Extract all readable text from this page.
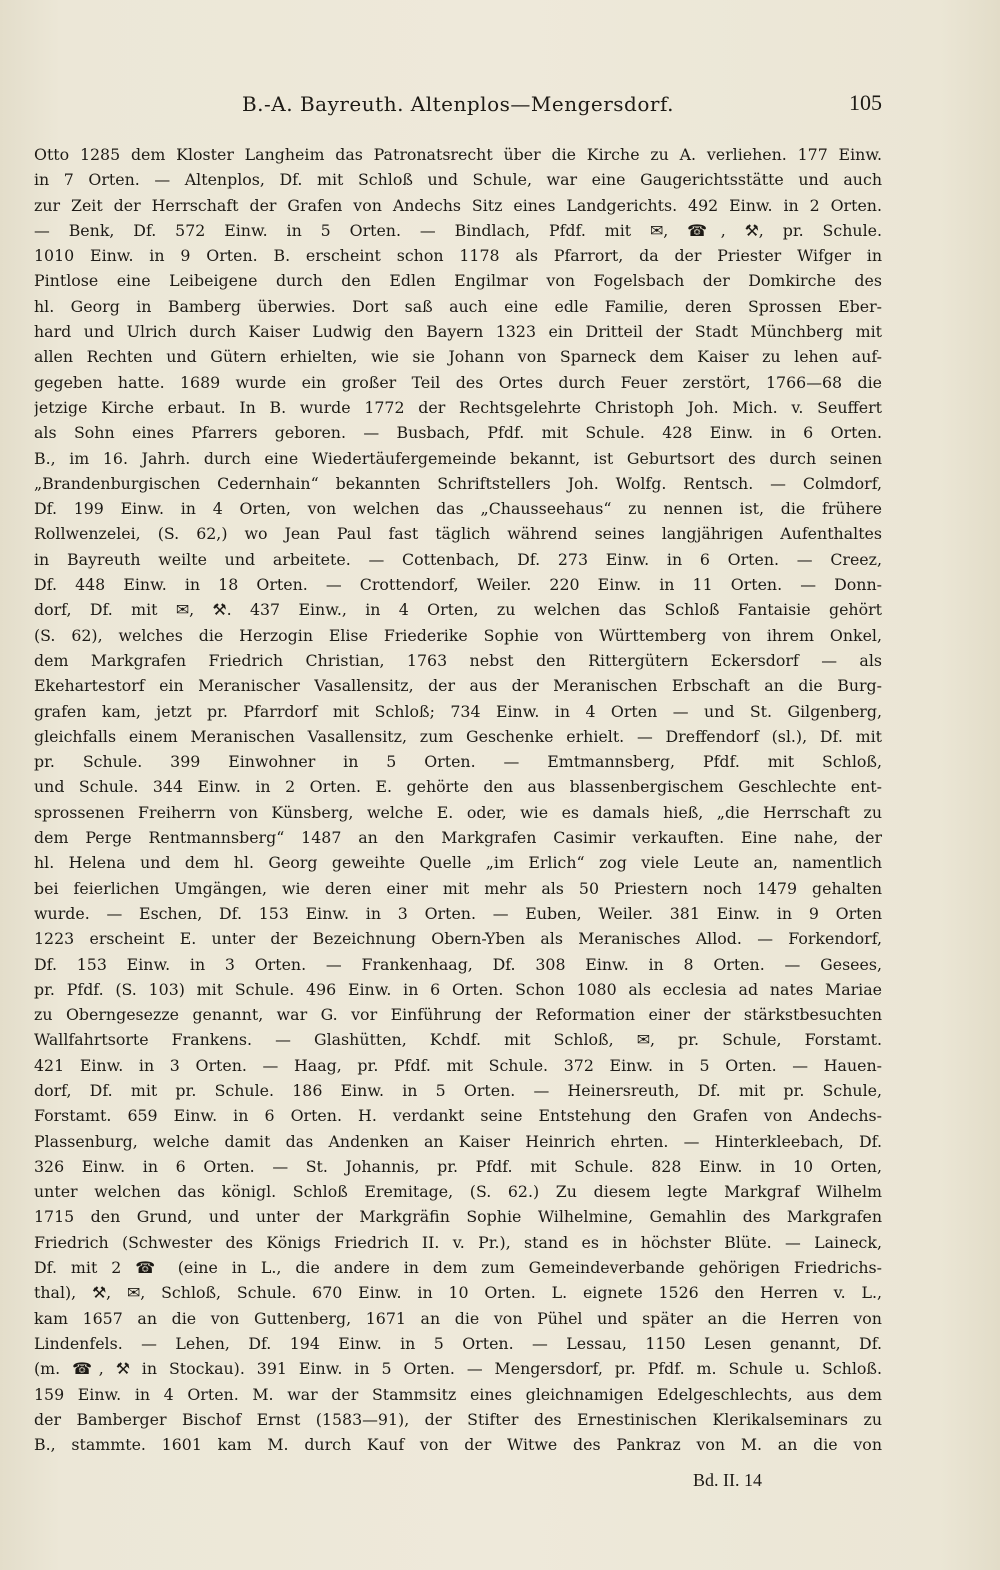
B.-A. Bayreuth. Altenplos—Mengersdorf.	105
Otto 1285 dem Kloster Langheim das Patronatsrecht über die Kirche zu A. verliehen. 177 Einw.
in 7 Orten. — Altenplos, Df. mit Schloß und Schule, war eine Gaugerichtsstätte und auch
zur Zeit der Herrschaft der Grafen von Andechs Sitz eines Landgerichts. 492 Einw. in 2 Orten.
— Benk, Df. 572 Einw. in 5 Orten. — Bindlach, Pfdf. mit ✉, ☎, ⚒, pr. Schule.
1010 Einw. in 9 Orten. B. erscheint schon 1178 als Pfarrort, da der Priester Wifger in
Pintlose eine Leibeigene durch den Edlen Engilmar von Fogelsbach der Domkirche des
hl. Georg in Bamberg überwies. Dort saß auch eine edle Familie, deren Sprossen Eber-
hard und Ulrich durch Kaiser Ludwig den Bayern 1323 ein Dritteil der Stadt Münchberg mit
allen Rechten und Gütern erhielten, wie sie Johann von Sparneck dem Kaiser zu lehen auf-
gegeben hatte. 1689 wurde ein großer Teil des Ortes durch Feuer zerstört, 1766—68 die
jetzige Kirche erbaut. In B. wurde 1772 der Rechtsgelehrte Christoph Joh. Mich. v. Seuffert
als Sohn eines Pfarrers geboren. — Busbach, Pfdf. mit Schule. 428 Einw. in 6 Orten.
B., im 16. Jahrh. durch eine Wiedertäufergemeinde bekannt, ist Geburtsort des durch seinen
„Brandenburgischen Cedernhain“ bekannten Schriftstellers Joh. Wolfg. Rentsch. — Colmdorf,
Df. 199 Einw. in 4 Orten, von welchen das „Chausseehaus“ zu nennen ist, die frühere
Rollwenzelei, (S. 62,) wo Jean Paul fast täglich während seines langjährigen Aufenthaltes
in Bayreuth weilte und arbeitete. — Cottenbach, Df. 273 Einw. in 6 Orten. — Creez,
Df. 448 Einw. in 18 Orten. — Crottendorf, Weiler. 220 Einw. in 11 Orten. — Donn-
dorf, Df. mit ✉, ⚒. 437 Einw., in 4 Orten, zu welchen das Schloß Fantaisie gehört
(S. 62), welches die Herzogin Elise Friederike Sophie von Württemberg von ihrem Onkel,
dem Markgrafen Friedrich Christian, 1763 nebst den Rittergütern Eckersdorf — als
Ekehartestorf ein Meranischer Vasallensitz, der aus der Meranischen Erbschaft an die Burg-
grafen kam, jetzt pr. Pfarrdorf mit Schloß; 734 Einw. in 4 Orten — und St. Gilgenberg,
gleichfalls einem Meranischen Vasallensitz, zum Geschenke erhielt. — Dreffendorf (sl.), Df. mit
pr. Schule. 399 Einwohner in 5 Orten. — Emtmannsberg, Pfdf. mit Schloß,
und Schule. 344 Einw. in 2 Orten. E. gehörte den aus blassenbergischem Geschlechte ent-
sprossenen Freiherrn von Künsberg, welche E. oder, wie es damals hieß, „die Herrschaft zu
dem Perge Rentmannsberg“ 1487 an den Markgrafen Casimir verkauften. Eine nahe, der
hl. Helena und dem hl. Georg geweihte Quelle „im Erlich“ zog viele Leute an, namentlich
bei feierlichen Umgängen, wie deren einer mit mehr als 50 Priestern noch 1479 gehalten
wurde. — Eschen, Df. 153 Einw. in 3 Orten. — Euben, Weiler. 381 Einw. in 9 Orten
1223 erscheint E. unter der Bezeichnung Obern-Yben als Meranisches Allod. — Forkendorf,
Df. 153 Einw. in 3 Orten. — Frankenhaag, Df. 308 Einw. in 8 Orten. — Gesees,
pr. Pfdf. (S. 103) mit Schule. 496 Einw. in 6 Orten. Schon 1080 als ecclesia ad nates Mariae
zu Oberngesezze genannt, war G. vor Einführung der Reformation einer der stärkstbesuchten
Wallfahrtsorte Frankens. — Glashütten, Kchdf. mit Schloß, ✉, pr. Schule, Forstamt.
421 Einw. in 3 Orten. — Haag, pr. Pfdf. mit Schule. 372 Einw. in 5 Orten. — Hauen-
dorf, Df. mit pr. Schule. 186 Einw. in 5 Orten. — Heinersreuth, Df. mit pr. Schule,
Forstamt. 659 Einw. in 6 Orten. H. verdankt seine Entstehung den Grafen von Andechs-
Plassenburg, welche damit das Andenken an Kaiser Heinrich ehrten. — Hinterkleebach, Df.
326 Einw. in 6 Orten. — St. Johannis, pr. Pfdf. mit Schule. 828 Einw. in 10 Orten,
unter welchen das königl. Schloß Eremitage, (S. 62.) Zu diesem legte Markgraf Wilhelm
1715 den Grund, und unter der Markgräfin Sophie Wilhelmine, Gemahlin des Markgrafen
Friedrich (Schwester des Königs Friedrich II. v. Pr.), stand es in höchster Blüte. — Laineck,
Df. mit 2 ☎ (eine in L., die andere in dem zum Gemeindeverbande gehörigen Friedrichs-
thal), ⚒, ✉, Schloß, Schule. 670 Einw. in 10 Orten. L. eignete 1526 den Herren v. L.,
kam 1657 an die von Guttenberg, 1671 an die von Pühel und später an die Herren von
Lindenfels. — Lehen, Df. 194 Einw. in 5 Orten. — Lessau, 1150 Lesen genannt, Df.
(m. ☎, ⚒ in Stockau). 391 Einw. in 5 Orten. — Mengersdorf, pr. Pfdf. m. Schule u. Schloß.
159 Einw. in 4 Orten. M. war der Stammsitz eines gleichnamigen Edelgeschlechts, aus dem
der Bamberger Bischof Ernst (1583—91), der Stifter des Ernestinischen Klerikalseminars zu
B., stammte. 1601 kam M. durch Kauf von der Witwe des Pankraz von M. an die von
Bd. II. 14
